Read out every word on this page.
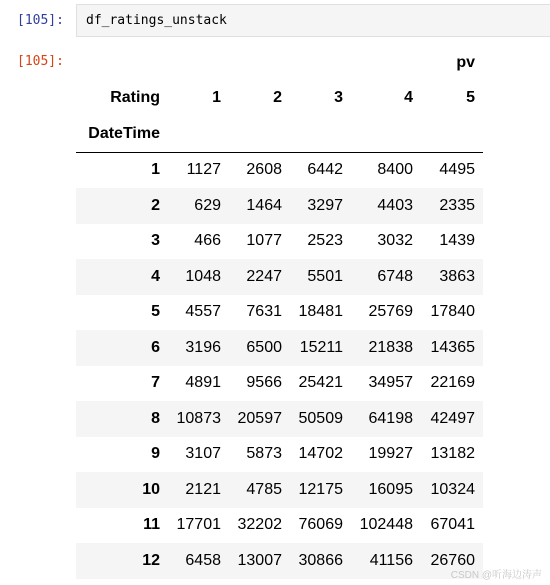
[105]: df_ratings_unstack
[105]:
						pv
Rating	1	2	3	4	5
DateTime					
1	1127	2608	6442	8400	4495
2	629	1464	3297	4403	2335
3	466	1077	2523	3032	1439
4	1048	2247	5501	6748	3863
5	4557	7631	18481	25769	17840
6	3196	6500	15211	21838	14365
7	4891	9566	25421	34957	22169
8	10873	20597	50509	64198	42497
9	3107	5873	14702	19927	13182
10	2121	4785	12175	16095	10324
11	17701	32202	76069	102448	67041
12	6458	13007	30866	41156	26760
CSDN @听海边涛声
